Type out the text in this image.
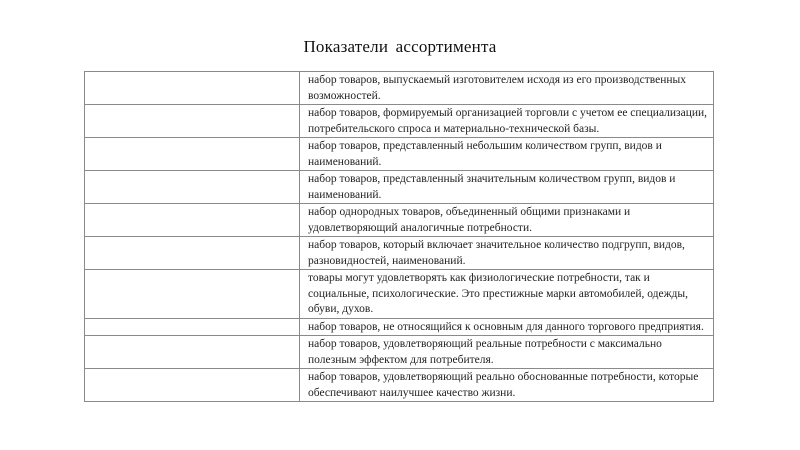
Показатели ассортимента
	набор товаров, выпускаемый изготовителем исходя из его производственных возможностей.
	набор товаров, формируемый организацией торговли с учетом ее специализации, потребительского спроса и материально-технической базы.
	набор товаров, представленный небольшим количеством групп, видов и наименований.
	набор товаров, представленный значительным количеством групп, видов и наименований.
	набор однородных товаров, объединенный общими признаками и удовлетворяющий аналогичные потребности.
	набор товаров, который включает значительное количество подгрупп, видов, разновидностей, наименований.
	товары могут удовлетворять как физиологические потребности, так и социальные, психологические. Это престижные марки автомобилей, одежды, обуви, духов.
	набор товаров, не относящийся к основным для данного торгового предприятия.
	набор товаров, удовлетворяющий реальные потребности с максимально полезным эффектом для потребителя.
	набор товаров, удовлетворяющий реально обоснованные потребности, которые обеспечивают наилучшее качество жизни.
